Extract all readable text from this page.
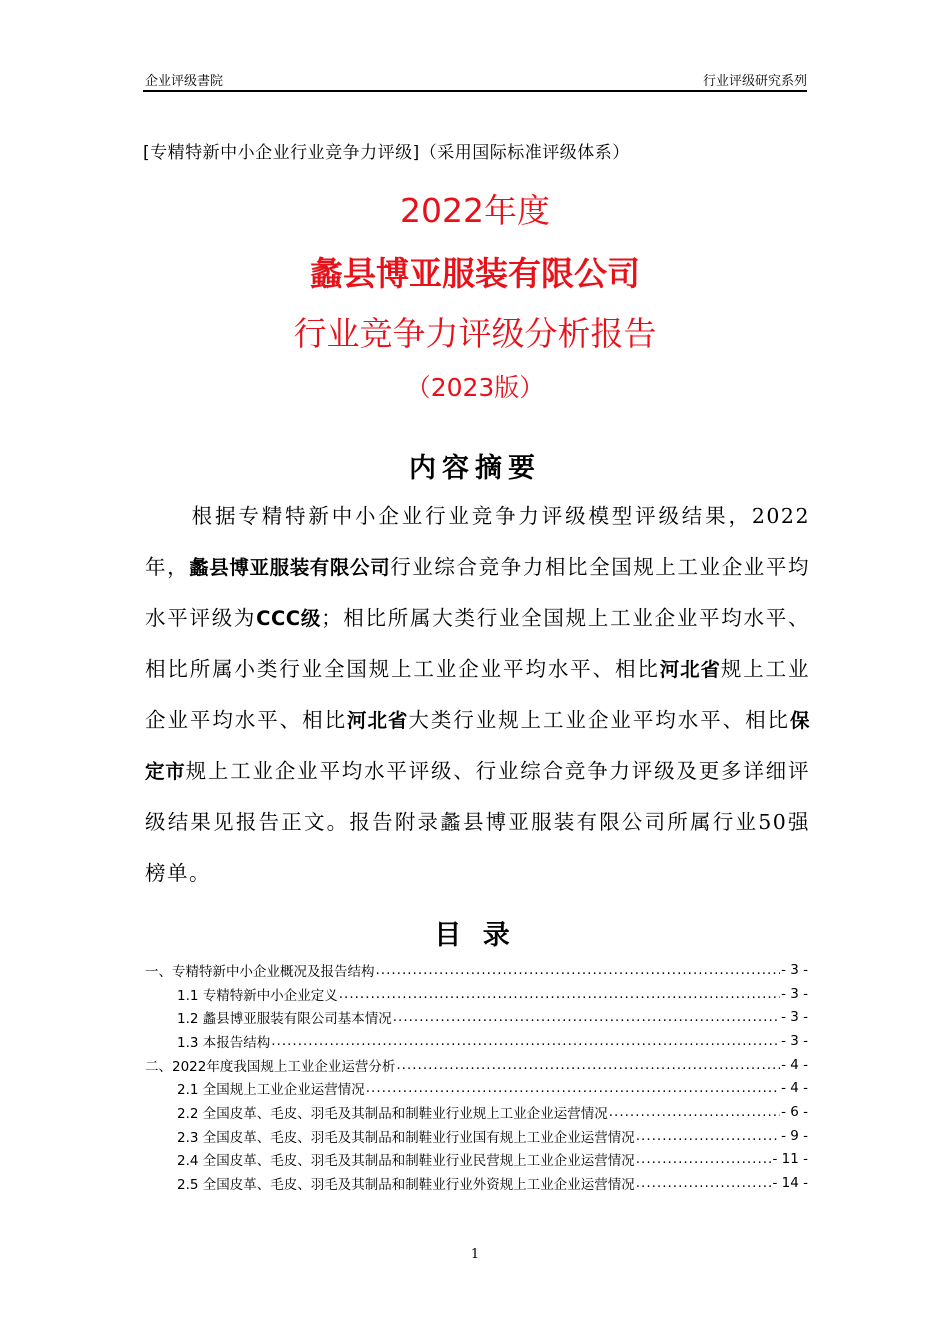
企业评级書院	行业评级研究系列
[专精特新中小企业行业竞争力评级]（采用国际标准评级体系）
2022年度
蠡县博亚服装有限公司
行业竞争力评级分析报告
（2023版）
内容摘要
　　根据专精特新中小企业行业竞争力评级模型评级结果，2022年，蠡县博亚服装有限公司行业综合竞争力相比全国规上工业企业平均水平评级为CCC级；相比所属大类行业全国规上工业企业平均水平、相比所属小类行业全国规上工业企业平均水平、相比河北省规上工业企业平均水平、相比河北省大类行业规上工业企业平均水平、相比保定市规上工业企业平均水平评级、行业综合竞争力评级及更多详细评级结果见报告正文。报告附录蠡县博亚服装有限公司所属行业50强榜单。
目 录
一、专精特新中小企业概况及报告结构 .....	- 3 -
1.1 专精特新中小企业定义 .....	- 3 -
1.2 蠡县博亚服装有限公司基本情况 .....	- 3 -
1.3 本报告结构 .....	- 3 -
二、2022年度我国规上工业企业运营分析 .....	- 4 -
2.1 全国规上工业企业运营情况 .....	- 4 -
2.2 全国皮革、毛皮、羽毛及其制品和制鞋业行业规上工业企业运营情况 .....	- 6 -
2.3 全国皮革、毛皮、羽毛及其制品和制鞋业行业国有规上工业企业运营情况 .....	- 9 -
2.4 全国皮革、毛皮、羽毛及其制品和制鞋业行业民营规上工业企业运营情况 .....	- 11 -
2.5 全国皮革、毛皮、羽毛及其制品和制鞋业行业外资规上工业企业运营情况 .....	- 14 -
1
